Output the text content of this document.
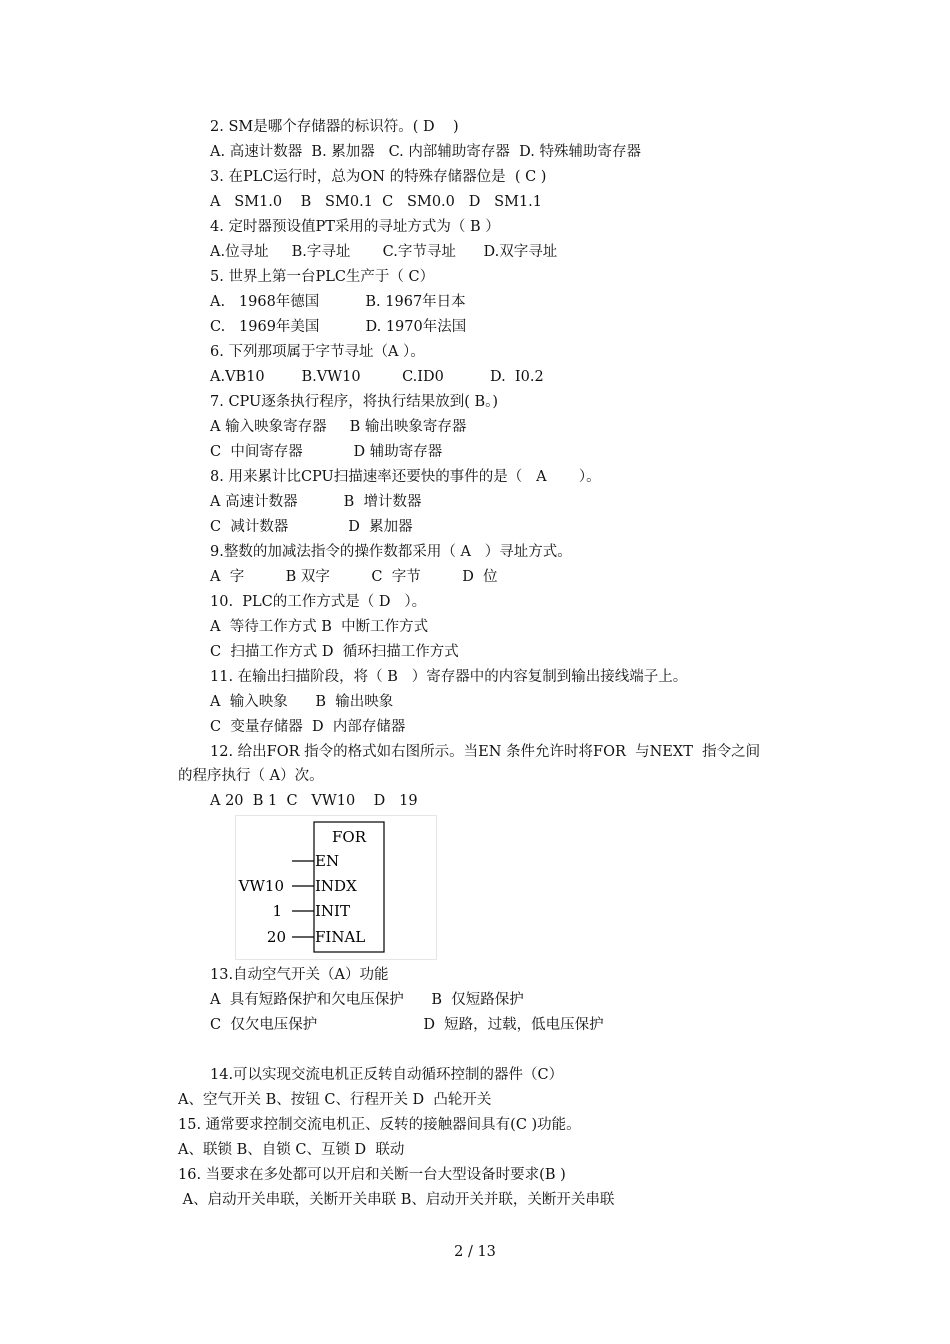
2. SM是哪个存储器的标识符。( D    )
A. 高速计数器  B. 累加器   C. 内部辅助寄存器  D. 特殊辅助寄存器
3. 在PLC运行时，总为ON 的特殊存储器位是  ( C )
A   SM1.0    B   SM0.1  C   SM0.0   D   SM1.1
4. 定时器预设值PT采用的寻址方式为（ B ）
A.位寻址     B.字寻址       C.字节寻址      D.双字寻址
5. 世界上第一台PLC生产于（ C）
A.   1968年德国          B. 1967年日本
C.   1969年美国          D. 1970年法国
6. 下列那项属于字节寻址（A ）。
A.VB10        B.VW10         C.ID0          D.  I0.2
7. CPU逐条执行程序，将执行结果放到( B。)
A 输入映象寄存器     B 输出映象寄存器
C  中间寄存器           D 辅助寄存器
8. 用来累计比CPU扫描速率还要快的事件的是（   A       ）。
A 高速计数器          B  增计数器
C  减计数器             D  累加器
9.整数的加减法指令的操作数都采用（ A   ）寻址方式。
A  字         B 双字         C  字节         D  位
10.  PLC的工作方式是（ D   ）。
A  等待工作方式 B  中断工作方式
C  扫描工作方式 D  循环扫描工作方式
11. 在输出扫描阶段，将（ B   ）寄存器中的内容复制到输出接线端子上。
A  输入映象      B  输出映象
C  变量存储器  D  内部存储器
12. 给出FOR 指令的格式如右图所示。当EN 条件允许时将FOR  与NEXT  指令之间
的程序执行（ A）次。
A 20  B 1  C   VW10    D   19
13.自动空气开关（A）功能
A  具有短路保护和欠电压保护      B  仅短路保护
C  仅欠电压保护                       D  短路，过载，低电压保护
14.可以实现交流电机正反转自动循环控制的器件（C）
A、空气开关 B、按钮 C、行程开关 D  凸轮开关
15. 通常要求控制交流电机正、反转的接触器间具有(C )功能。
A、联锁 B、自锁 C、互锁 D  联动
16. 当要求在多处都可以开启和关断一台大型设备时要求(B )
A、启动开关串联，关断开关串联 B、启动开关并联，关断开关串联
FOR
EN
INDX
INIT
FINAL
VW10
1
20
2 / 13
